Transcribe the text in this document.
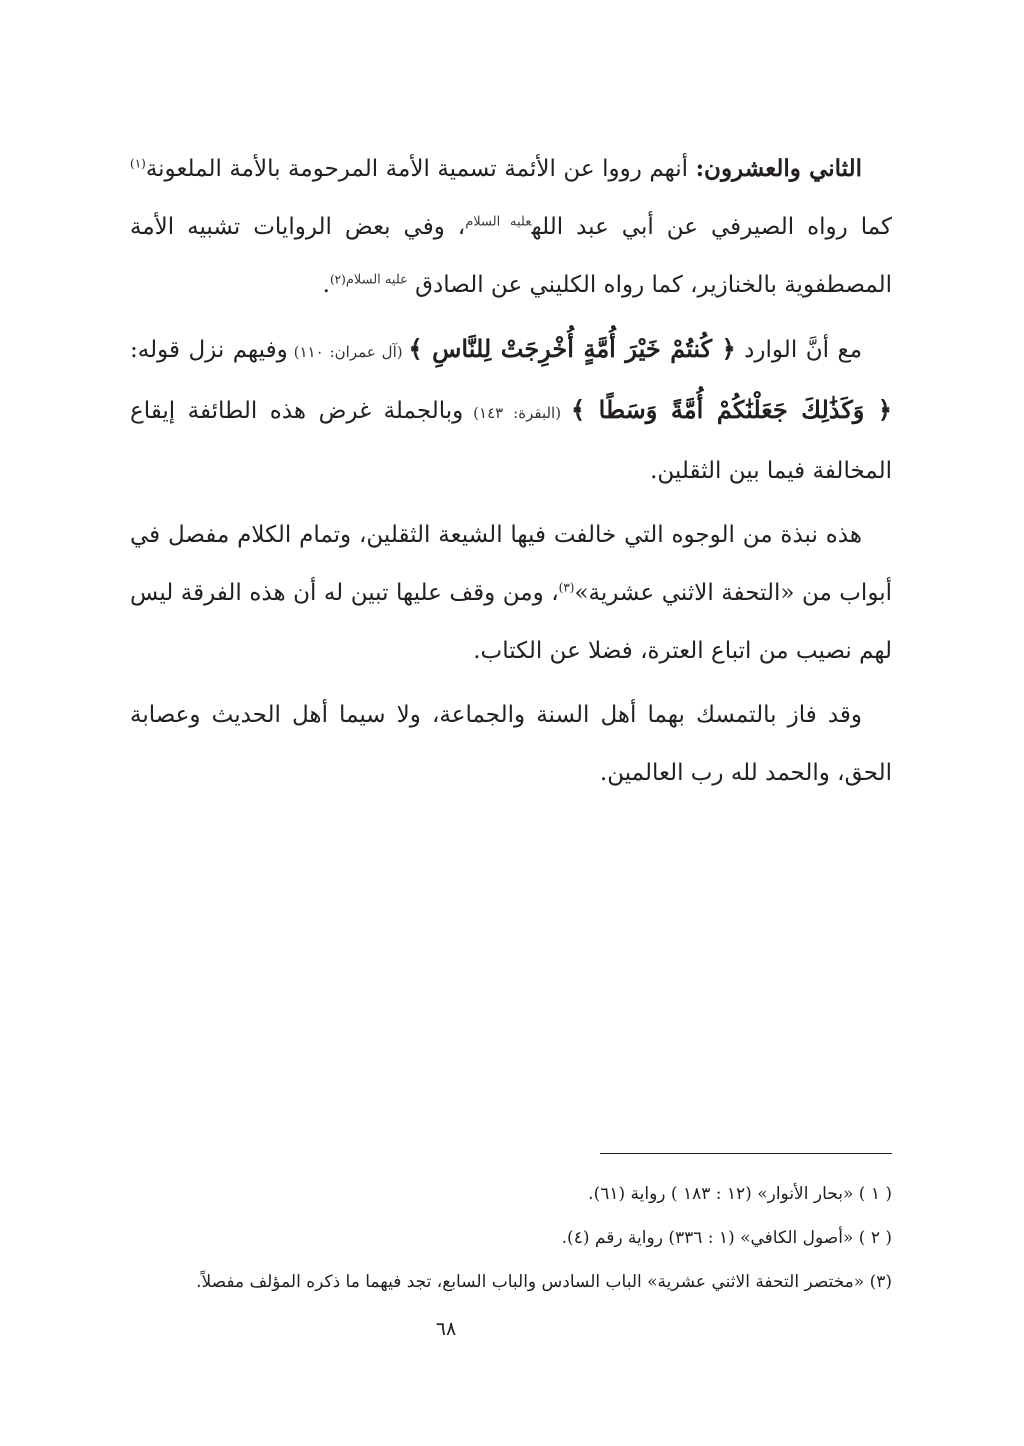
الثاني والعشرون: أنهم رووا عن الأئمة تسمية الأمة المرحومة بالأمة الملعونة$^{(١)}$ كما رواه الصيرفي عن أبي عبد الله$^{عليه السلام}$، وفي بعض الروايات تشبيه الأمة المصطفوية بالخنازير، كما رواه الكليني عن الصادق $^{عليه السلام(٢)}$.

مع أنَّ الوارد ﴿ كُنتُمْ خَيْرَ أُمَّةٍ أُخْرِجَتْ لِلنَّاسِ ﴾ (آل عمران: ١١٠) وفيهم نزل قوله: ﴿ وَكَذَٰلِكَ جَعَلْنَٰكُمْ أُمَّةً وَسَطًا ﴾ (البقرة: ١٤٣) وبالجملة غرض هذه الطائفة إيقاع المخالفة فيما بين الثقلين.

هذه نبذة من الوجوه التي خالفت فيها الشيعة الثقلين، وتمام الكلام مفصل في أبواب من «التحفة الاثني عشرية»$^{(٣)}$، ومن وقف عليها تبين له أن هذه الفرقة ليس لهم نصيب من اتباع العترة، فضلا عن الكتاب.

وقد فاز بالتمسك بهما أهل السنة والجماعة، ولا سيما أهل الحديث وعصابة الحق، والحمد لله رب العالمين.

( ١ ) «بحار الأنوار» (١٢ : ١٨٣ ) رواية (٦١).
( ٢ ) «أصول الكافي» (١ : ٣٣٦) رواية رقم (٤).
(٣) «مختصر التحفة الاثني عشرية» الباب السادس والباب السابع، تجد فيهما ما ذكره المؤلف مفصلاً.
٦٨
